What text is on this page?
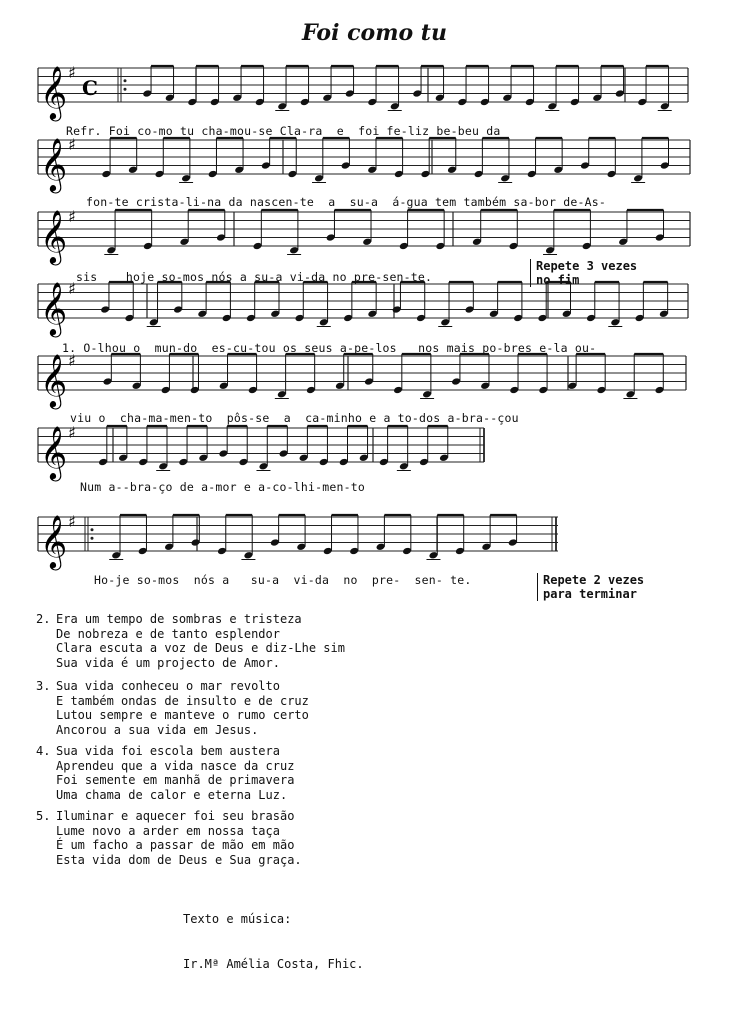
Foi como tu
𝄞 ♯
C
𝄞 ♯
𝄞 ♯
𝄞 ♯
𝄞 ♯
𝄞 ♯
𝄞 ♯
Refr. Foi co-mo tu cha-mou-se Cla-ra  e  foi fe-liz be-beu da
fon-te crista-li-na da nascen-te  a  su-a  á-gua tem também sa-bor de-As-
sis    hoje so-mos nós a su-a vi-da no pre-sen-te.
1. O-lhou o  mun-do  es-cu-tou os seus a-pe-los   nos mais po-bres e-la ou-
viu o  cha-ma-men-to  pôs-se  a  ca-minho e a to-dos a-bra--çou
Num a--bra-ço de a-mor e a-co-lhi-men-to
Ho-je so-mos  nós a   su-a  vi-da  no  pre-  sen- te.
Repete 3 vezes
no fim
Repete 2 vezes
para terminar
2. Era um tempo de sombras e tristeza
De nobreza e de tanto esplendor
Clara escuta a voz de Deus e diz-Lhe sim
Sua vida é um projecto de Amor.
3. Sua vida conheceu o mar revolto
E também ondas de insulto e de cruz
Lutou sempre e manteve o rumo certo
Ancorou a sua vida em Jesus.
4. Sua vida foi escola bem austera
Aprendeu que a vida nasce da cruz
Foi semente em manhã de primavera
Uma chama de calor e eterna Luz.
5. Iluminar e aquecer foi seu brasão
Lume novo a arder em nossa taça
É um facho a passar de mão em mão
Esta vida dom de Deus e Sua graça.

Texto e música:

Ir.Mª Amélia Costa, Fhic.
